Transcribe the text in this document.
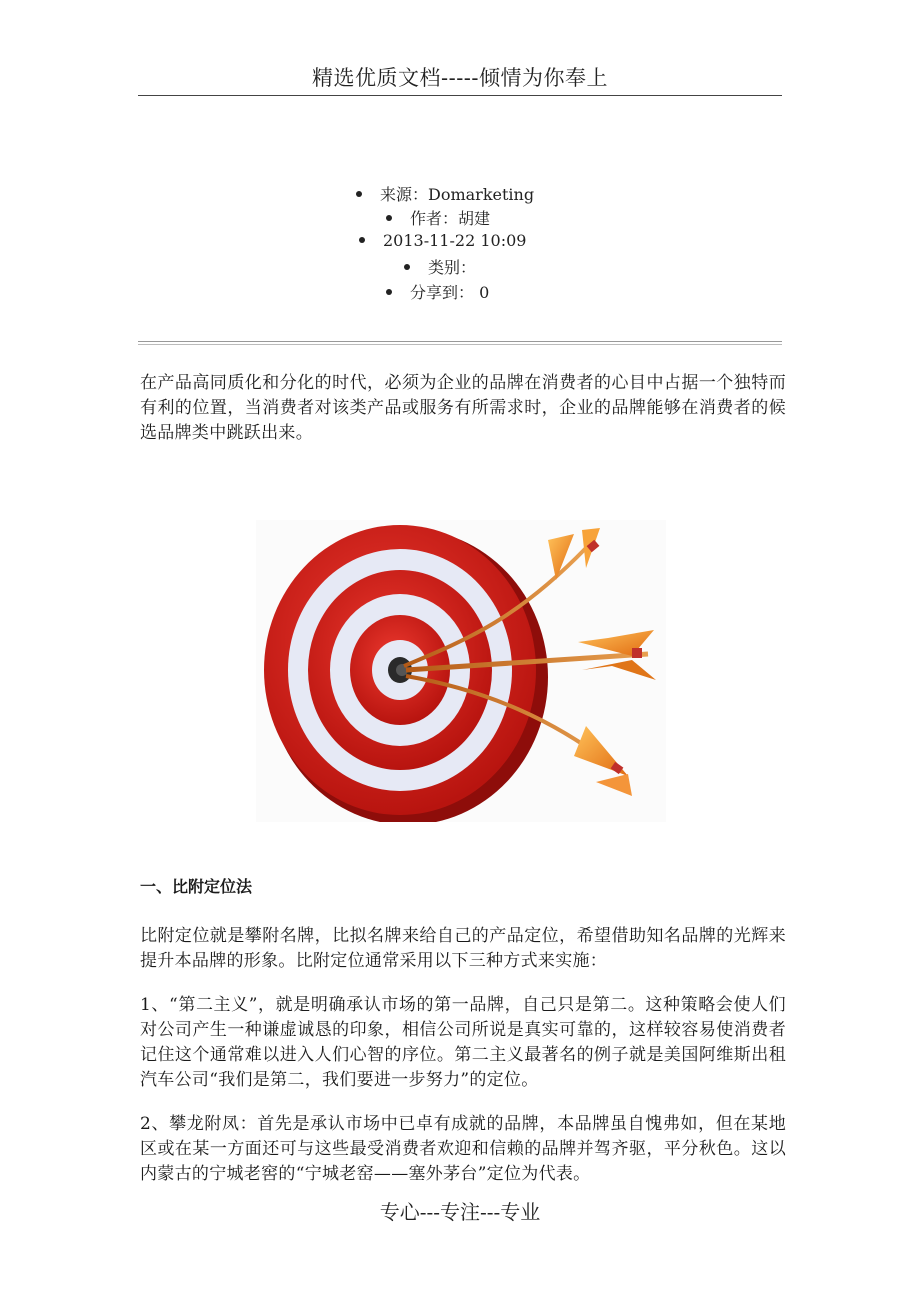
精选优质文档-----倾情为你奉上
来源：Domarketing
作者：胡建
2013-11-22 10:09
类别：
分享到： 0

在产品高同质化和分化的时代，必须为企业的品牌在消费者的心目中占据一个独特而有利的位置，当消费者对该类产品或服务有所需求时，企业的品牌能够在消费者的候选品牌类中跳跃出来。

一、比附定位法

比附定位就是攀附名牌，比拟名牌来给自己的产品定位，希望借助知名品牌的光辉来提升本品牌的形象。比附定位通常采用以下三种方式来实施：

1、“第二主义”，就是明确承认市场的第一品牌，自己只是第二。这种策略会使人们对公司产生一种谦虚诚恳的印象，相信公司所说是真实可靠的，这样较容易使消费者记住这个通常难以进入人们心智的序位。第二主义最著名的例子就是美国阿维斯出租汽车公司“我们是第二，我们要进一步努力”的定位。

2、攀龙附凤：首先是承认市场中已卓有成就的品牌，本品牌虽自愧弗如，但在某地区或在某一方面还可与这些最受消费者欢迎和信赖的品牌并驾齐驱，平分秋色。这以内蒙古的宁城老窖的“宁城老窑——塞外茅台”定位为代表。

专心---专注---专业
